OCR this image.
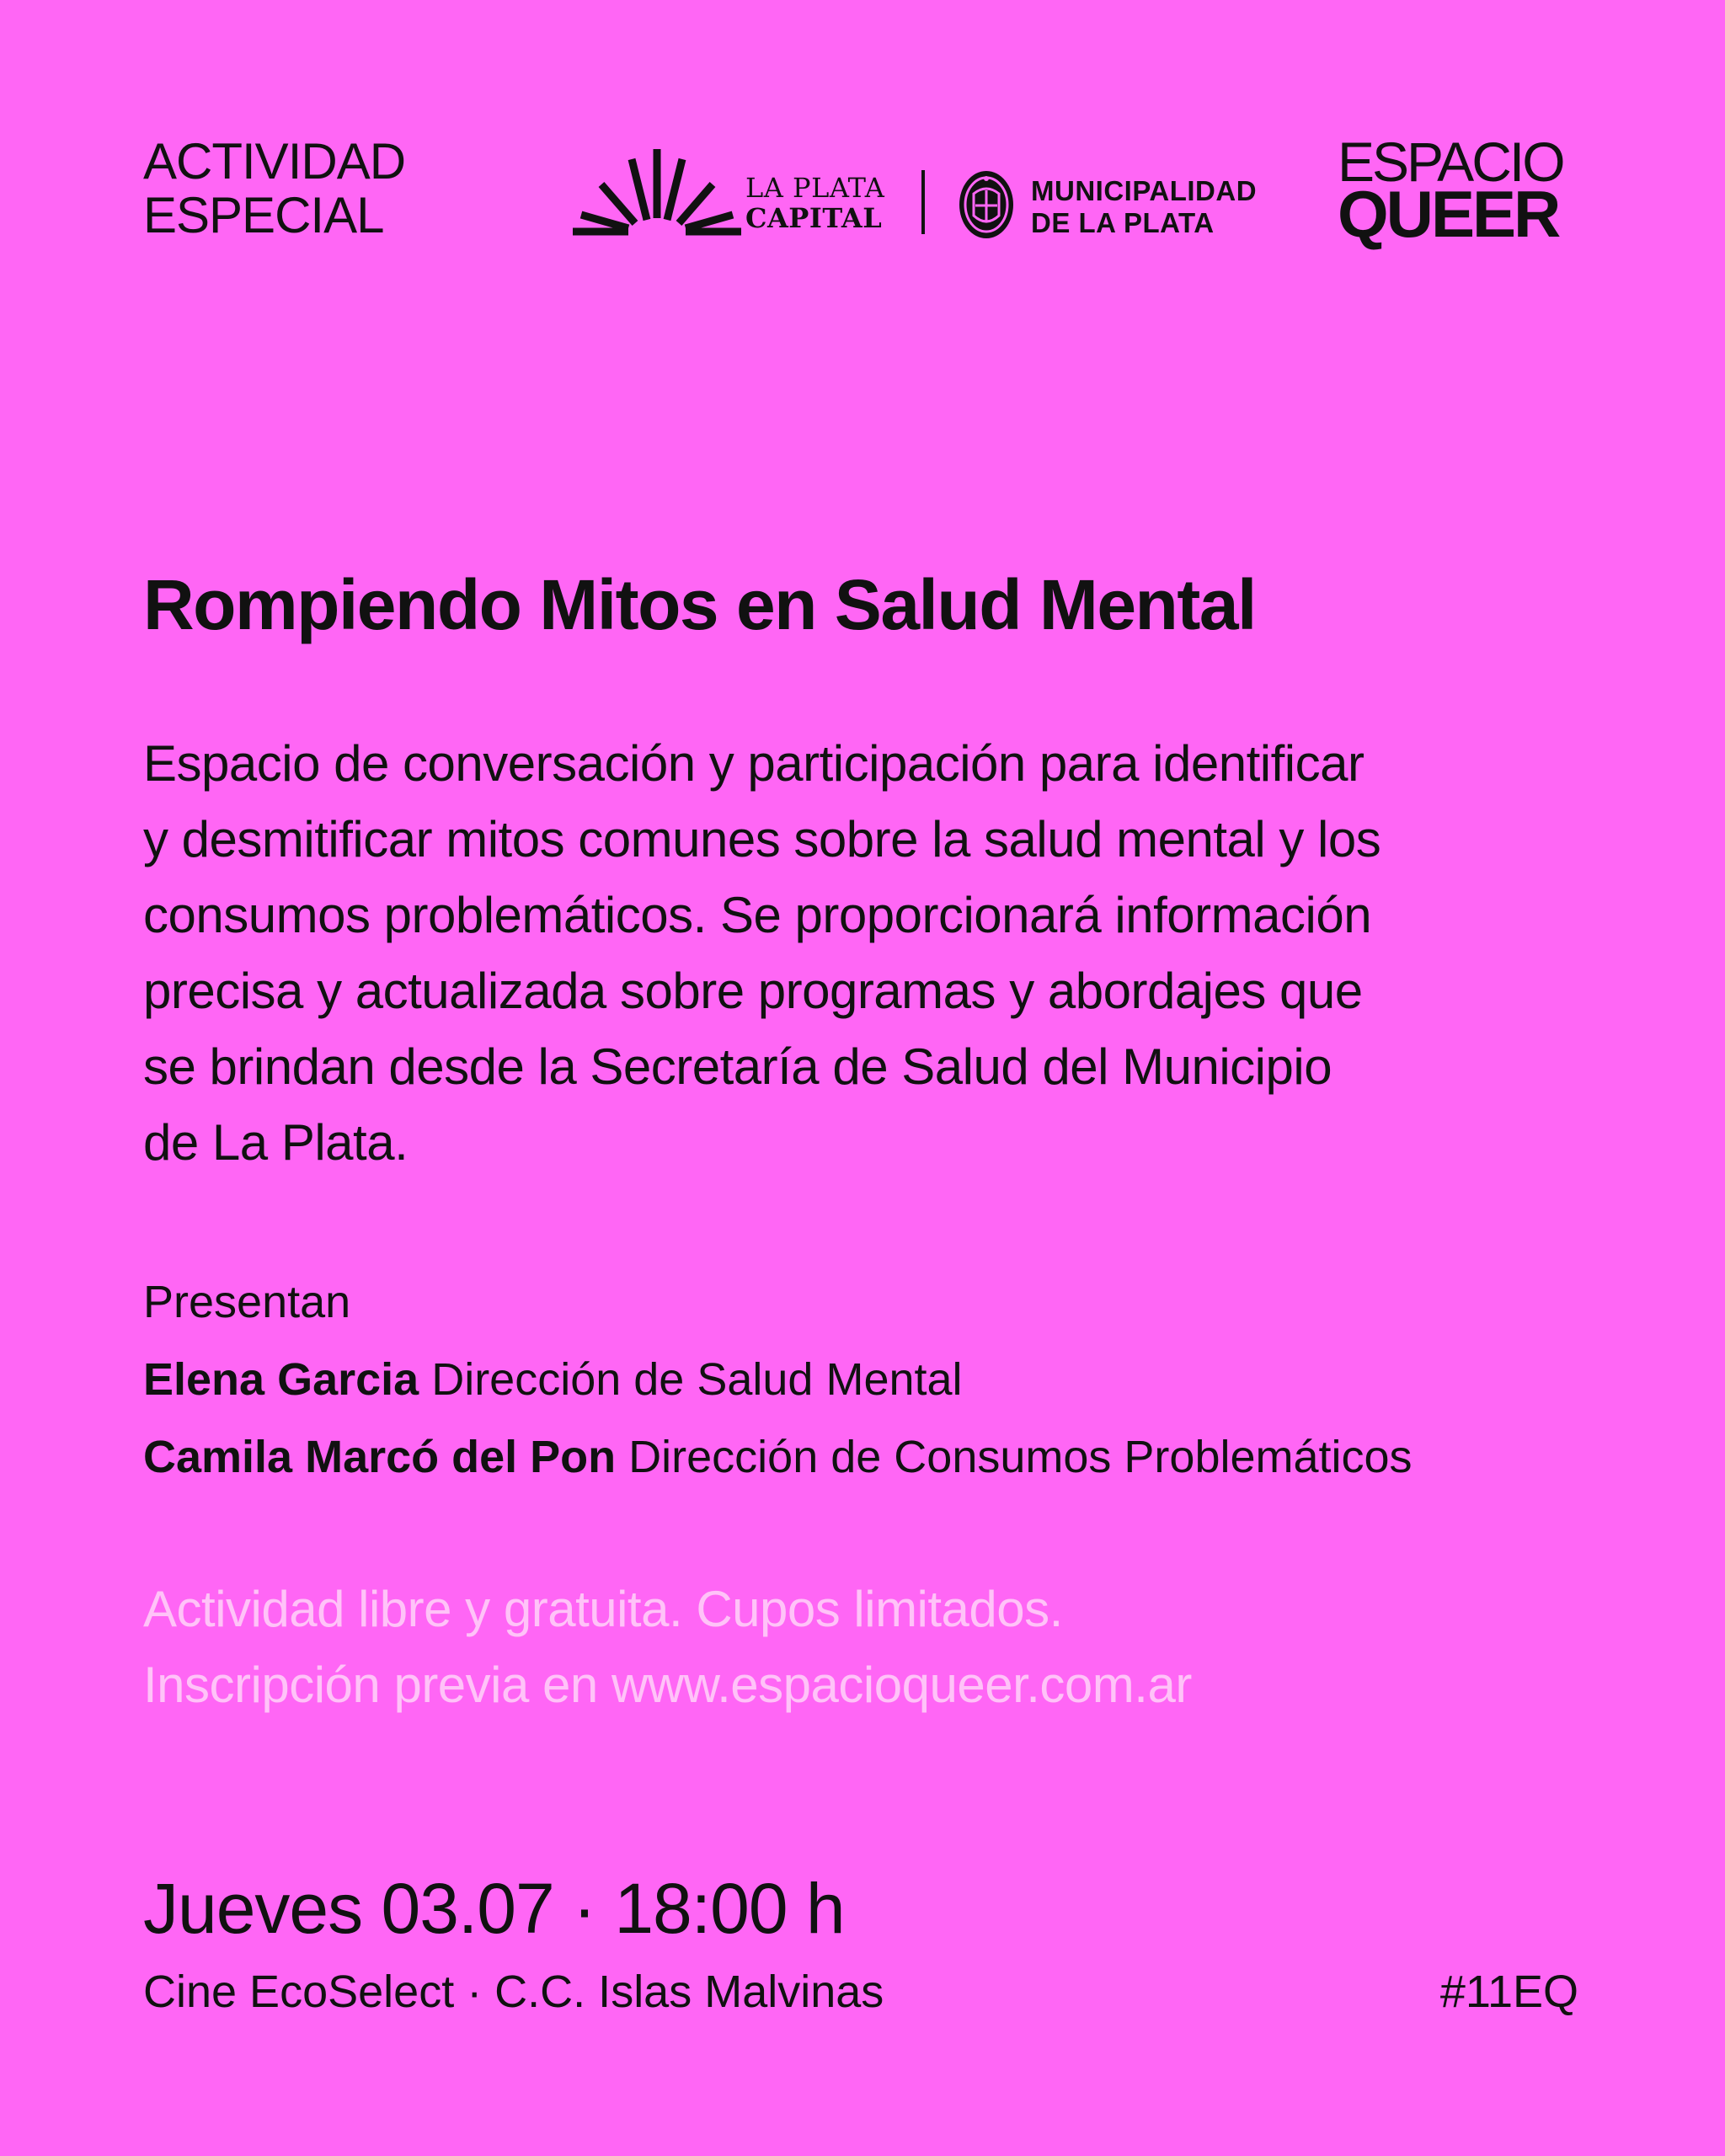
ACTIVIDAD
ESPECIAL	LA PLATA
CAPITAL
MUNICIPALIDAD
DE LA PLATA
ESPACIO
QUEER
Rompiendo Mitos en Salud Mental
Espacio de conversación y participación para identificar
y desmitificar mitos comunes sobre la salud mental y los
consumos problemáticos. Se proporcionará información
precisa y actualizada sobre programas y abordajes que
se brindan desde la Secretaría de Salud del Municipio
de La Plata.
Presentan
Elena Garcia Dirección de Salud Mental
Camila Marcó del Pon Dirección de Consumos Problemáticos
Actividad libre y gratuita. Cupos limitados.
Inscripción previa en www.espacioqueer.com.ar
Jueves 03.07 · 18:00 h
Cine EcoSelect · C.C. Islas Malvinas	#11EQ
